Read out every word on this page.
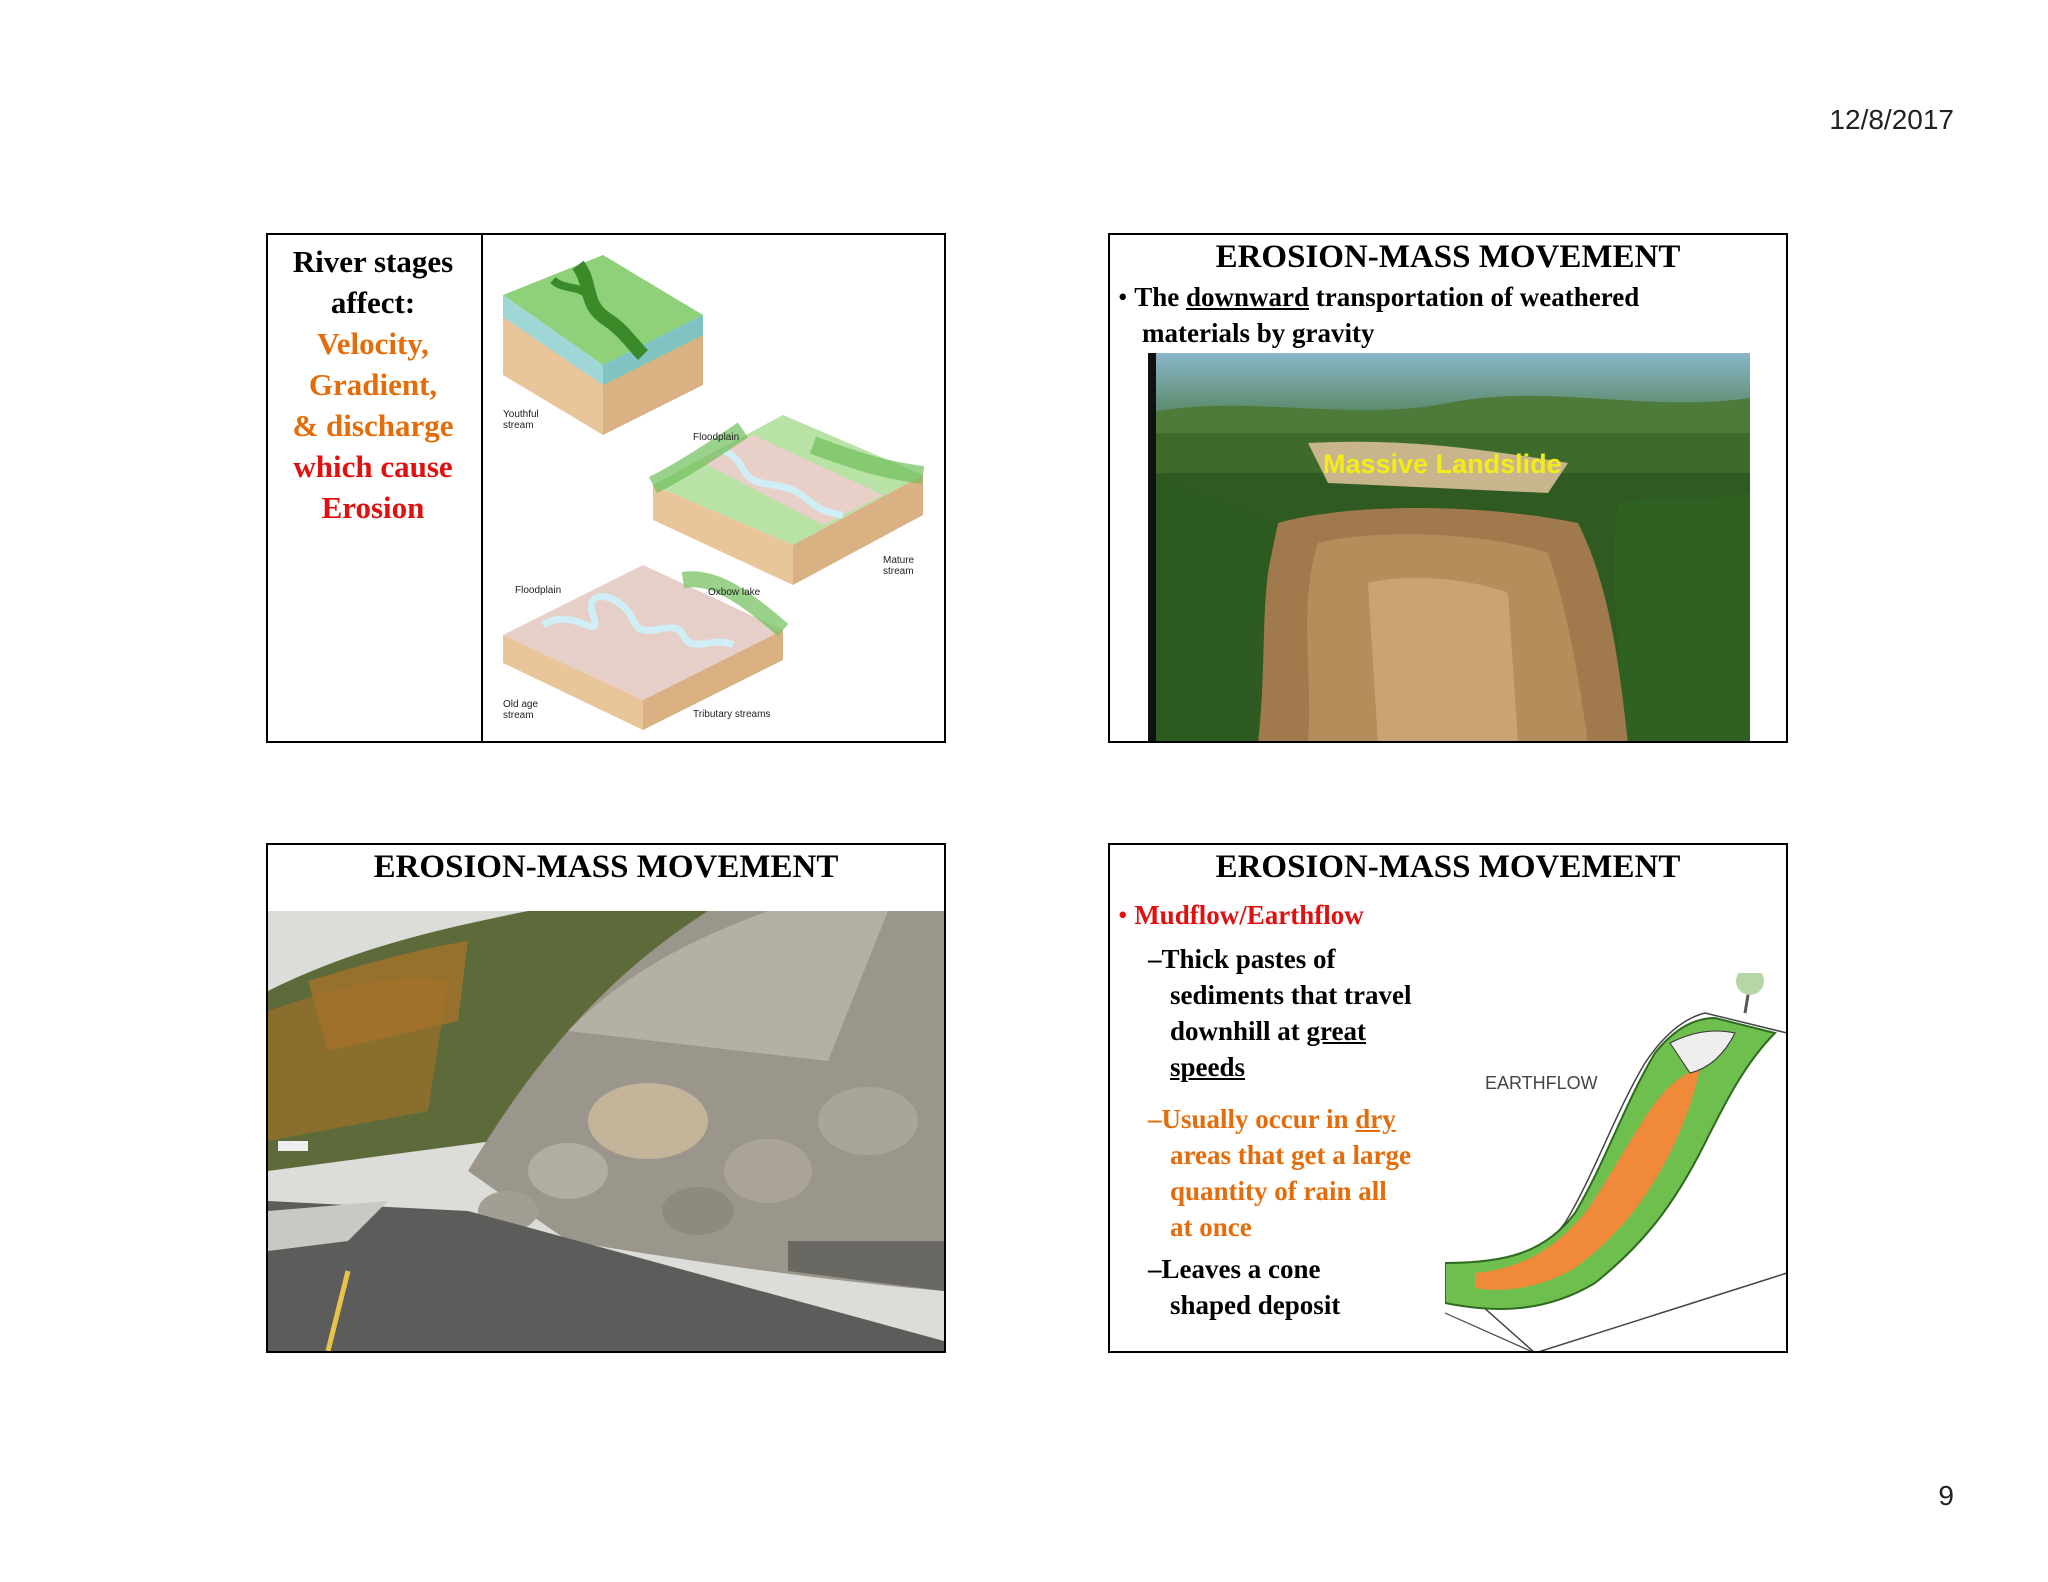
12/8/2017
River stages
affect:
Velocity,
Gradient,
& discharge
which cause
Erosion
Youthful
stream
Floodplain
Mature
stream
Floodplain	Oxbow lake
Old age
stream	Tributary streams
EROSION-MASS MOVEMENT
• The downward transportation of weathered
materials by gravity
Massive Landslide
EROSION-MASS MOVEMENT	EROSION-MASS MOVEMENT
• Mudflow/Earthflow
–Thick pastes of
sediments that travel
downhill at great
speeds
–Usually occur in dry
areas that get a large
quantity of rain all
at once
–Leaves a cone
shaped deposit
EARTHFLOW
9
